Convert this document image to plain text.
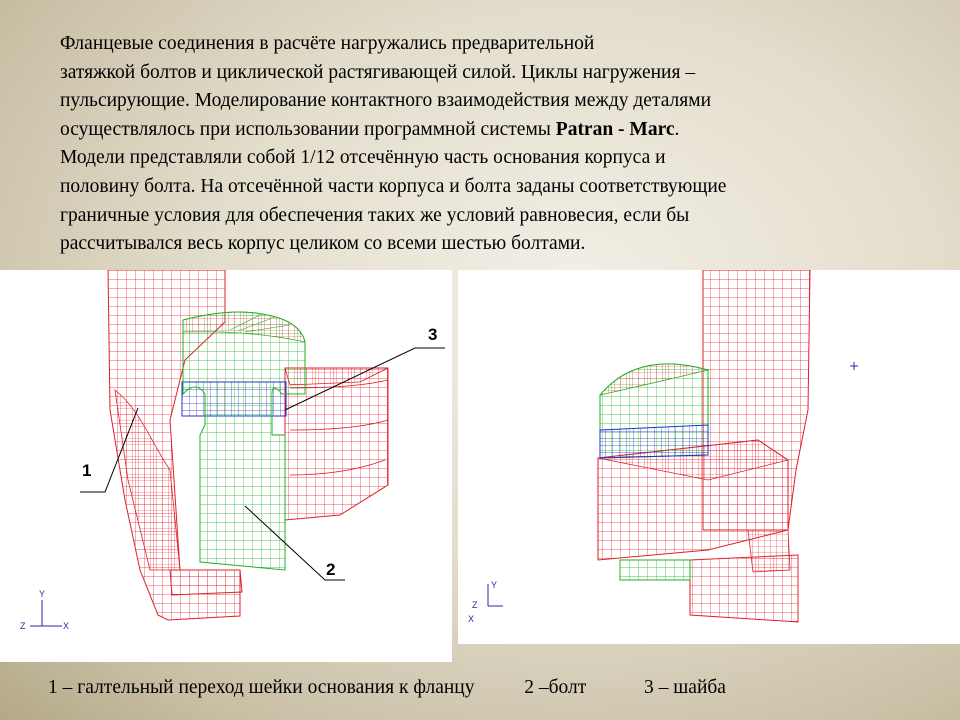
Фланцевые соединения в расчёте нагружались предварительной
затяжкой болтов и циклической растягивающей силой. Циклы нагружения –
пульсирующие. Моделирование контактного взаимодействия между деталями
осуществлялось при использовании программной системы Patran - Marc.
Модели представляли собой 1/12 отсечённую часть основания корпуса и
половину болта. На отсечённой части корпуса и болта заданы соответствующие
граничные условия для обеспечения таких же условий равновесия, если бы
рассчитывался весь корпус целиком со всеми шестью болтами.

1
2
3
Y
Z	X
Y
Z
X
1 – галтельный переход шейки основания к фланцу	2 –болт	3 – шайба
